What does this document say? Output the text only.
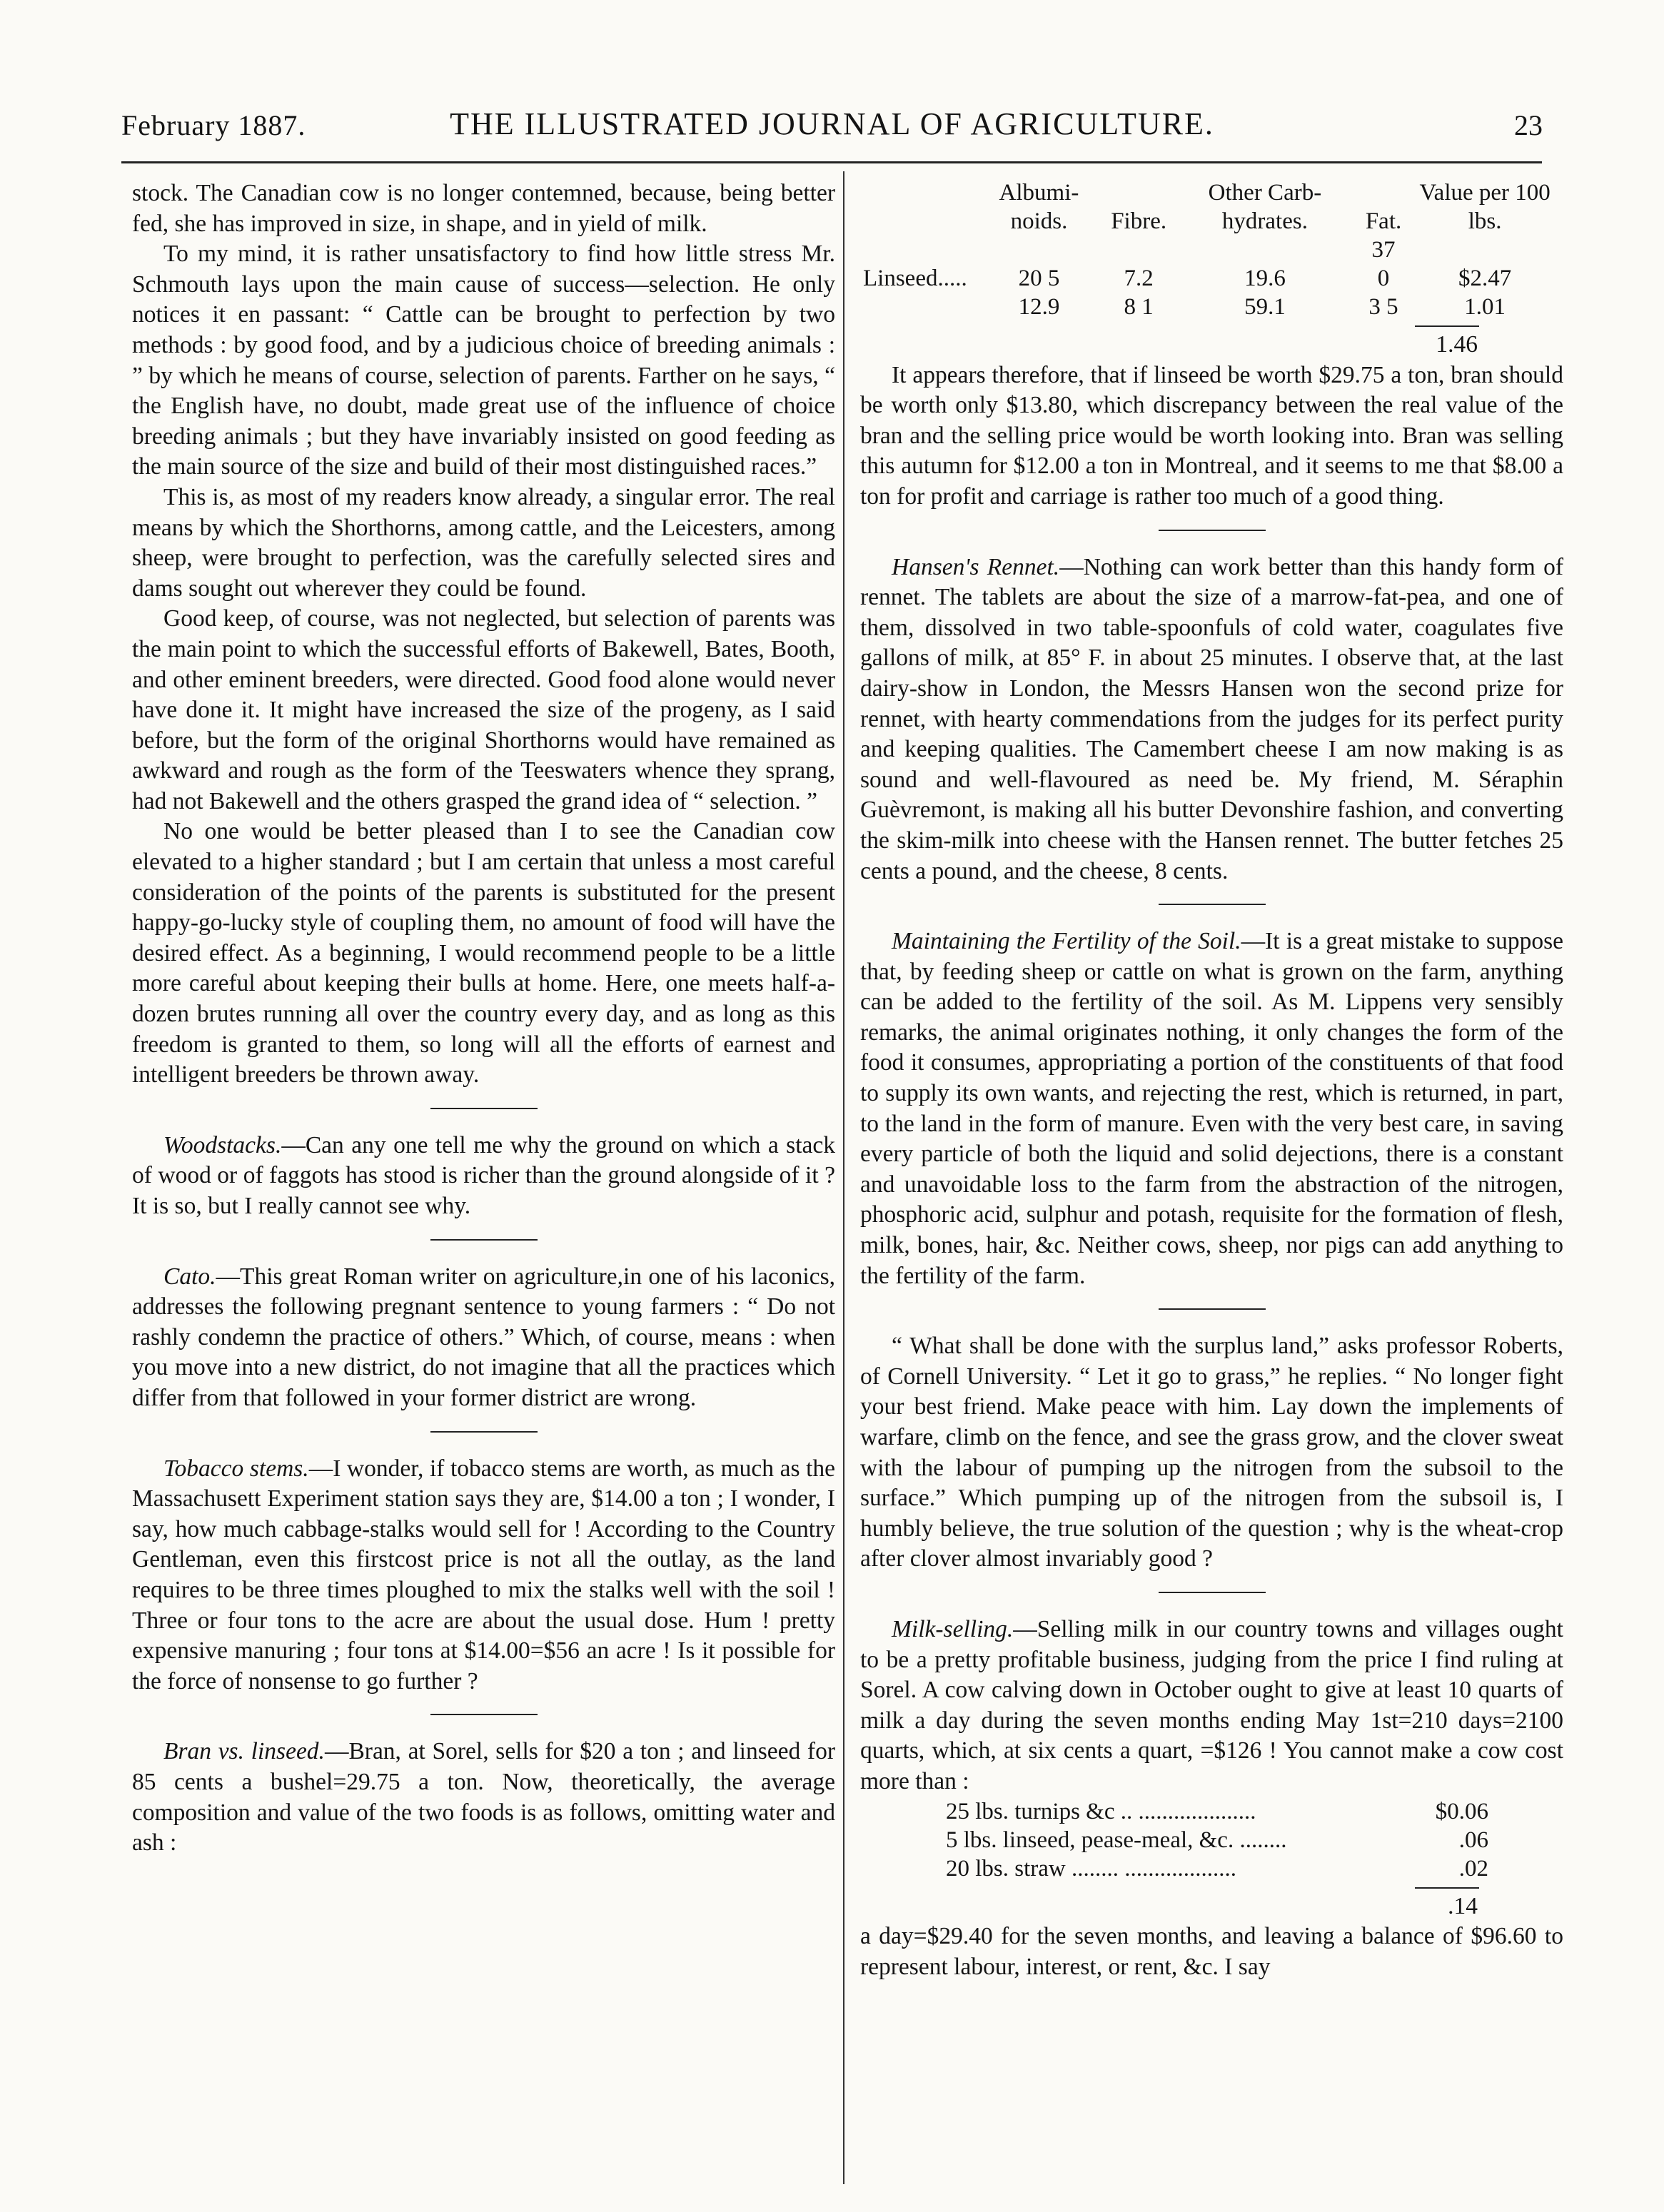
February 1887.	THE ILLUSTRATED JOURNAL OF AGRICULTURE.	23

stock. The Canadian cow is no longer contemned, because, being better fed, she has improved in size, in shape, and in yield of milk.

To my mind, it is rather unsatisfactory to find how little stress Mr. Schmouth lays upon the main cause of success—selection. He only notices it en passant: “ Cattle can be brought to perfection by two methods : by good food, and by a judicious choice of breeding animals : ” by which he means of course, selection of parents. Farther on he says, “ the English have, no doubt, made great use of the influence of choice breeding animals ; but they have invariably insisted on good feeding as the main source of the size and build of their most distinguished races.”

This is, as most of my readers know already, a singular error. The real means by which the Shorthorns, among cattle, and the Leicesters, among sheep, were brought to perfection, was the carefully selected sires and dams sought out wherever they could be found.

Good keep, of course, was not neglected, but selection of parents was the main point to which the successful efforts of Bakewell, Bates, Booth, and other eminent breeders, were directed. Good food alone would never have done it. It might have increased the size of the progeny, as I said before, but the form of the original Shorthorns would have remained as awkward and rough as the form of the Teeswaters whence they sprang, had not Bakewell and the others grasped the grand idea of “ selection. ”

No one would be better pleased than I to see the Canadian cow elevated to a higher standard ; but I am certain that unless a most careful consideration of the points of the parents is substituted for the present happy-go-lucky style of coupling them, no amount of food will have the desired effect. As a beginning, I would recommend people to be a little more careful about keeping their bulls at home. Here, one meets half-a-dozen brutes running all over the country every day, and as long as this freedom is granted to them, so long will all the efforts of earnest and intelligent breeders be thrown away.

Woodstacks.—Can any one tell me why the ground on which a stack of wood or of faggots has stood is richer than the ground alongside of it ? It is so, but I really cannot see why.

Cato.—This great Roman writer on agriculture,in one of his laconics, addresses the following pregnant sentence to young farmers : “ Do not rashly condemn the practice of others.” Which, of course, means : when you move into a new district, do not imagine that all the practices which differ from that followed in your former district are wrong.

Tobacco stems.—I wonder, if tobacco stems are worth, as much as the Massachusett Experiment station says they are, $14.00 a ton ; I wonder, I say, how much cabbage-stalks would sell for ! According to the Country Gentleman, even this firstcost price is not all the outlay, as the land requires to be three times ploughed to mix the stalks well with the soil ! Three or four tons to the acre are about the usual dose. Hum ! pretty expensive manuring ; four tons at $14.00=$56 an acre ! Is it possible for the force of nonsense to go further ?

Bran vs. linseed.—Bran, at Sorel, sells for $20 a ton ; and linseed for 85 cents a bushel=29.75 a ton. Now, theoretically, the average composition and value of the two foods is as follows, omitting water and ash :

	Albumi- noids.	Fibre.	Other Carb- hydrates.	Fat.	Value per 100 lbs.
Linseed.....	20 5	7.2	19.6	37 0	$2.47
	12.9	8 1	59.1	3 5	1.01
1.46

It appears therefore, that if linseed be worth $29.75 a ton, bran should be worth only $13.80, which discrepancy between the real value of the bran and the selling price would be worth looking into. Bran was selling this autumn for $12.00 a ton in Montreal, and it seems to me that $8.00 a ton for profit and carriage is rather too much of a good thing.

Hansen's Rennet.—Nothing can work better than this handy form of rennet. The tablets are about the size of a marrow-fat-pea, and one of them, dissolved in two table-spoonfuls of cold water, coagulates five gallons of milk, at 85° F. in about 25 minutes. I observe that, at the last dairy-show in London, the Messrs Hansen won the second prize for rennet, with hearty commendations from the judges for its perfect purity and keeping qualities. The Camembert cheese I am now making is as sound and well-flavoured as need be. My friend, M. Séraphin Guèvremont, is making all his butter Devonshire fashion, and converting the skim-milk into cheese with the Hansen rennet. The butter fetches 25 cents a pound, and the cheese, 8 cents.

Maintaining the Fertility of the Soil.—It is a great mistake to suppose that, by feeding sheep or cattle on what is grown on the farm, anything can be added to the fertility of the soil. As M. Lippens very sensibly remarks, the animal originates nothing, it only changes the form of the food it consumes, appropriating a portion of the constituents of that food to supply its own wants, and rejecting the rest, which is returned, in part, to the land in the form of manure. Even with the very best care, in saving every particle of both the liquid and solid dejections, there is a constant and unavoidable loss to the farm from the abstraction of the nitrogen, phosphoric acid, sulphur and potash, requisite for the formation of flesh, milk, bones, hair, &c. Neither cows, sheep, nor pigs can add anything to the fertility of the farm.

“ What shall be done with the surplus land,” asks professor Roberts, of Cornell University. “ Let it go to grass,” he replies. “ No longer fight your best friend. Make peace with him. Lay down the implements of warfare, climb on the fence, and see the grass grow, and the clover sweat with the labour of pumping up the nitrogen from the subsoil to the surface.” Which pumping up of the nitrogen from the subsoil is, I humbly believe, the true solution of the question ; why is the wheat-crop after clover almost invariably good ?

Milk-selling.—Selling milk in our country towns and villages ought to be a pretty profitable business, judging from the price I find ruling at Sorel. A cow calving down in October ought to give at least 10 quarts of milk a day during the seven months ending May 1st=210 days=2100 quarts, which, at six cents a quart, =$126 ! You cannot make a cow cost more than :

25 lbs. turnips &c .. ....................	$0.06
5 lbs. linseed, pease-meal, &c. ........	.06
20 lbs. straw ........ ...................	.02
.14

a day=$29.40 for the seven months, and leaving a balance of $96.60 to represent labour, interest, or rent, &c. I say
